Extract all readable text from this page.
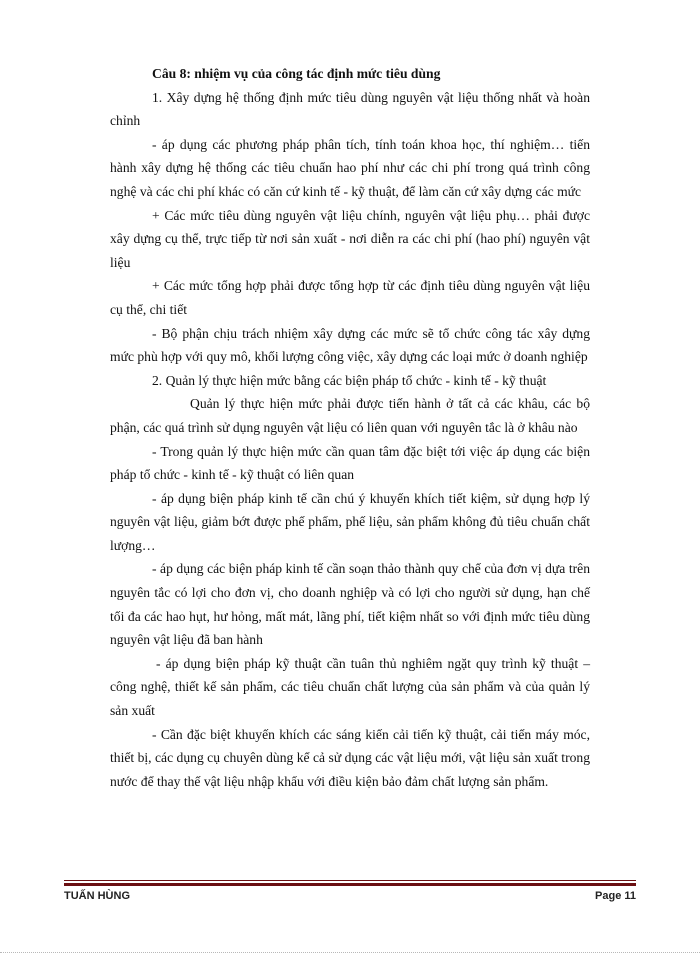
Câu 8: nhiệm vụ của công tác định mức tiêu dùng

1. Xây dựng hệ thống định mức tiêu dùng nguyên vật liệu thống nhất và hoàn chỉnh

- áp dụng các phương pháp phân tích, tính toán khoa học, thí nghiệm… tiến hành xây dựng hệ thống các tiêu chuẩn hao phí như các chi phí trong quá trình công nghệ và các chi phí khác có căn cứ kinh tế - kỹ thuật, để làm căn cứ xây dựng các mức

+ Các mức tiêu dùng nguyên vật liệu chính, nguyên vật liệu phụ… phải được xây dựng cụ thể, trực tiếp từ nơi sản xuất - nơi diễn ra các chi phí (hao phí) nguyên vật liệu

+ Các mức tổng hợp phải được tổng hợp từ các định tiêu dùng nguyên vật liệu cụ thể, chi tiết

- Bộ phận chịu trách nhiệm xây dựng các mức sẽ tổ chức công tác xây dựng mức phù hợp với quy mô, khối lượng công việc, xây dựng các loại mức ở doanh nghiệp

2. Quản lý thực hiện mức bằng các biện pháp tổ chức - kinh tế - kỹ thuật

Quản lý thực hiện mức phải được tiến hành ở tất cả các khâu, các bộ phận, các quá trình sử dụng nguyên vật liệu có liên quan với nguyên tắc là ở khâu nào

- Trong quản lý thực hiện mức cần quan tâm đặc biệt tới việc áp dụng các biện pháp tổ chức - kinh tế - kỹ thuật có liên quan

- áp dụng biện pháp kinh tế cần chú ý khuyến khích tiết kiệm, sử dụng hợp lý nguyên vật liệu, giảm bớt được phế phẩm, phế liệu, sản phẩm không đủ tiêu chuẩn chất lượng…

- áp dụng các biện pháp kinh tế cần soạn thảo thành quy chế của đơn vị dựa trên nguyên tắc có lợi cho đơn vị, cho doanh nghiệp và có lợi cho người sử dụng, hạn chế tối đa các hao hụt, hư hỏng, mất mát, lãng phí, tiết kiệm nhất so với định mức tiêu dùng nguyên vật liệu đã ban hành

- áp dụng biện pháp kỹ thuật cần tuân thủ nghiêm ngặt quy trình kỹ thuật – công nghệ, thiết kế sản phẩm, các tiêu chuẩn chất lượng của sản phẩm và của quản lý sản xuất

- Cần đặc biệt khuyến khích các sáng kiến cải tiến kỹ thuật, cải tiến máy móc, thiết bị, các dụng cụ chuyên dùng kể cả sử dụng các vật liệu mới, vật liệu sản xuất trong nước để thay thế vật liệu nhập khẩu với điều kiện bảo đảm chất lượng sản phẩm.

TUẤN HÙNG	Page 11
